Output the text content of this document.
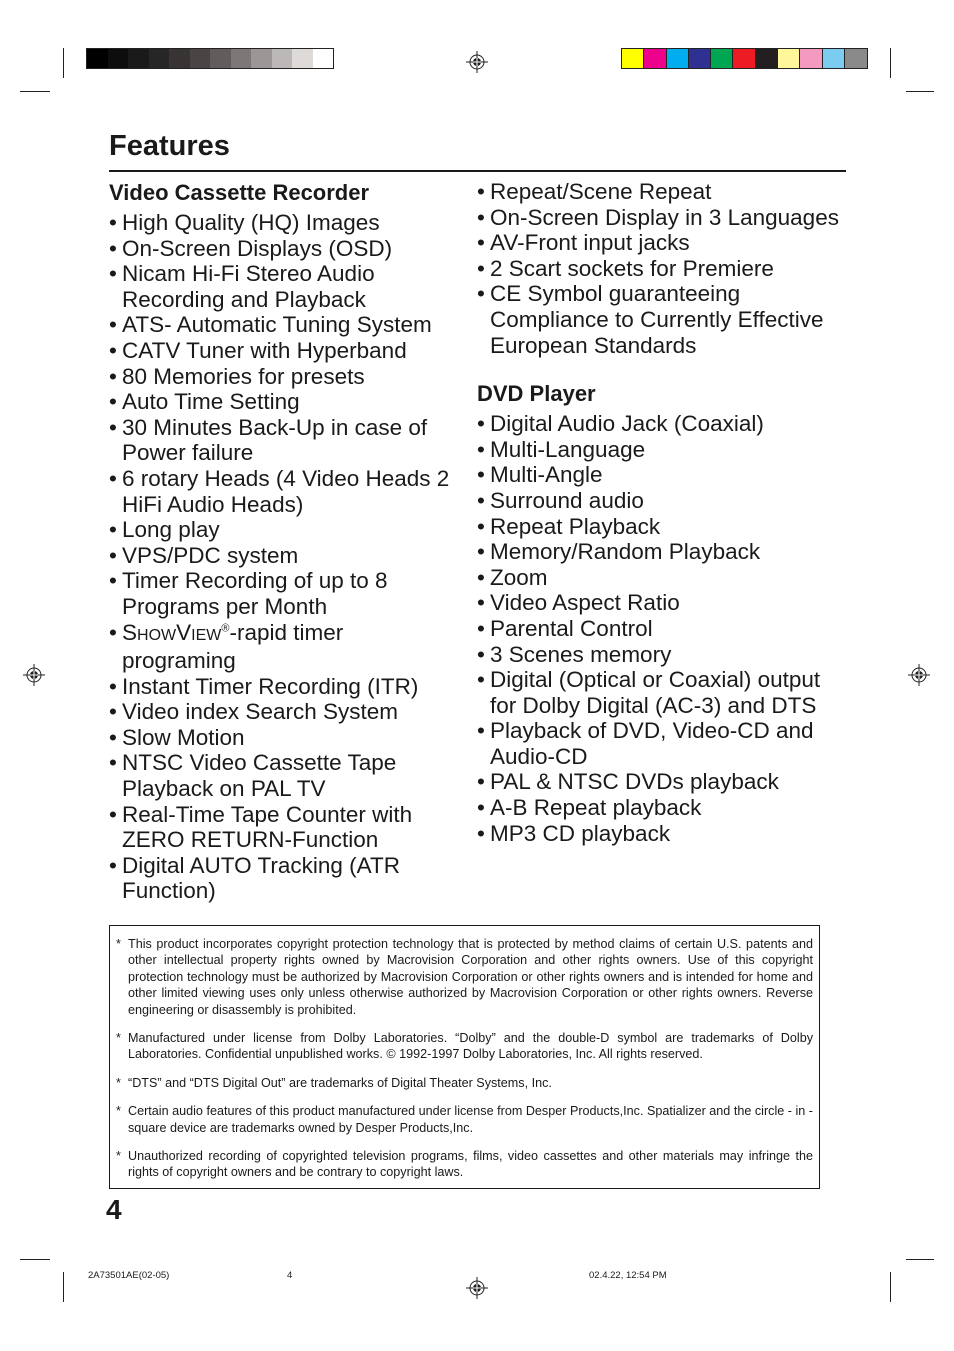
Features
Video Cassette Recorder
• High Quality (HQ) Images
• On-Screen Displays (OSD)
• Nicam Hi-Fi Stereo Audio Recording and Playback
• ATS- Automatic Tuning System
• CATV Tuner with Hyperband
• 80 Memories for presets
• Auto Time Setting
• 30 Minutes Back-Up in case of Power failure
• 6 rotary Heads (4 Video Heads 2 HiFi Audio Heads)
• Long play
• VPS/PDC system
• Timer Recording of up to 8 Programs per Month
• SHOWVIEW®-rapid timer programing
• Instant Timer Recording (ITR)
• Video index Search System
• Slow Motion
• NTSC Video Cassette Tape Playback on PAL TV
• Real-Time Tape Counter with ZERO RETURN-Function
• Digital AUTO Tracking (ATR Function)
• Repeat/Scene Repeat
• On-Screen Display in 3 Languages
• AV-Front input jacks
• 2 Scart sockets for Premiere
• CE Symbol guaranteeing Compliance to Currently Effective European Standards
DVD Player
• Digital Audio Jack (Coaxial)
• Multi-Language
• Multi-Angle
• Surround audio
• Repeat Playback
• Memory/Random Playback
• Zoom
• Video Aspect Ratio
• Parental Control
• 3 Scenes memory
• Digital (Optical or Coaxial) output for Dolby Digital (AC-3) and DTS
• Playback of DVD, Video-CD and Audio-CD
• PAL & NTSC DVDs playback
• A-B Repeat playback
• MP3 CD playback
* This product incorporates copyright protection technology that is protected by method claims of certain U.S. patents and other intellectual property rights owned by Macrovision Corporation and other rights owners. Use of this copyright protection technology must be authorized by Macrovision Corporation or other rights owners and is intended for home and other limited viewing uses only unless otherwise authorized by Macrovision Corporation or other rights owners. Reverse engineering or disassembly is prohibited.
* Manufactured under license from Dolby Laboratories. “Dolby” and the double-D symbol are trademarks of Dolby Laboratories. Confidential unpublished works. © 1992-1997 Dolby Laboratories, Inc. All rights reserved.
* “DTS” and “DTS Digital Out” are trademarks of Digital Theater Systems, Inc.
* Certain audio features of this product manufactured under license from Desper Products,Inc. Spatializer and the circle - in - square device are trademarks owned by Desper Products,Inc.
* Unauthorized recording of copyrighted television programs, films, video cassettes and other materials may infringe the rights of copyright owners and be contrary to copyright laws.
4
2A73501AE(02-05)	4	02.4.22, 12:54 PM
